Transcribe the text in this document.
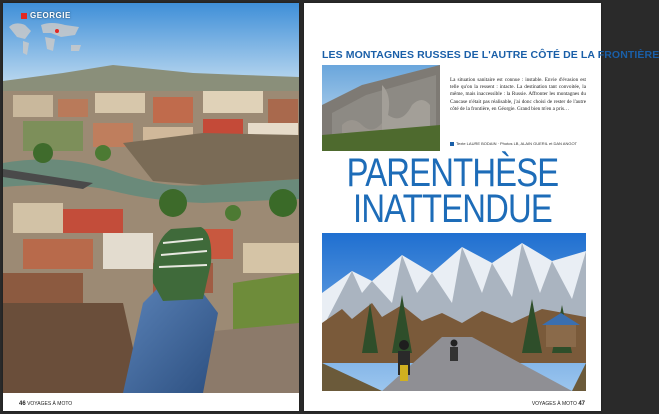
GEORGIE
46 VOYAGES À MOTO
LES MONTAGNES RUSSES DE L'AUTRE CÔTÉ DE LA FRONTIÈRE
La situation sanitaire est connue : instable. Envie d'évasion est telle qu'on la ressent : intacte. La destination tant convoitée, la même, mais inaccessible : la Russie. Affronter les montagnes du Caucase n'était pas réalisable, j'ai donc choisi de rester de l'autre côté de la frontière, en Géorgie. Grand bien m'en a pris…
Texte LAURE BODAIN · Photos LB, ALAIN GUERIL et DAN ANGOT
PARENTHÈSE
INATTENDUE
VOYAGES À MOTO 47
